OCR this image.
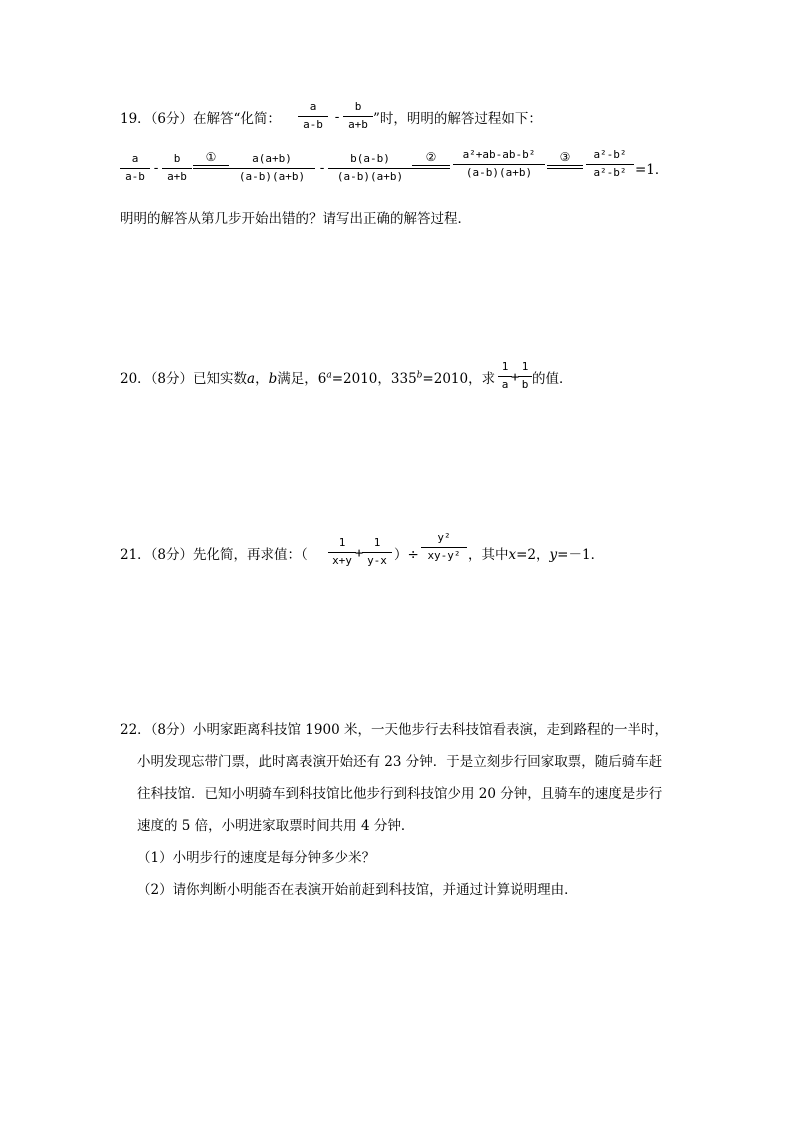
19．（6分）在解答“化简：
a
a-b -
b
a+b ”时，明明的解答过程如下：
a
a-b
-
b
a+b
①	a(a+b)
(a-b)(a+b)
-
b(a-b)
(a-b)(a+b)
②	a²+ab-ab-b²
(a-b)(a+b)
③	a²-b²
a²-b² =1．
明明的解答从第几步开始出错的？请写出正确的解答过程．
20．（8分）已知实数a，b满足，$6^a=2010$，$335^b=2010$，求
1
a +
1
b 的值．
21．（8分）先化简，再求值：（
1
x+y +
1
y-x ）÷
y²
xy-y² ，其中x=2，y=－1．
22．（8分）小明家距离科技馆 1900 米，一天他步行去科技馆看表演，走到路程的一半时，
小明发现忘带门票，此时离表演开始还有 23 分钟．于是立刻步行回家取票，随后骑车赶
往科技馆．已知小明骑车到科技馆比他步行到科技馆少用 20 分钟，且骑车的速度是步行
速度的 5 倍，小明进家取票时间共用 4 分钟．
（1）小明步行的速度是每分钟多少米？
（2）请你判断小明能否在表演开始前赶到科技馆，并通过计算说明理由．
